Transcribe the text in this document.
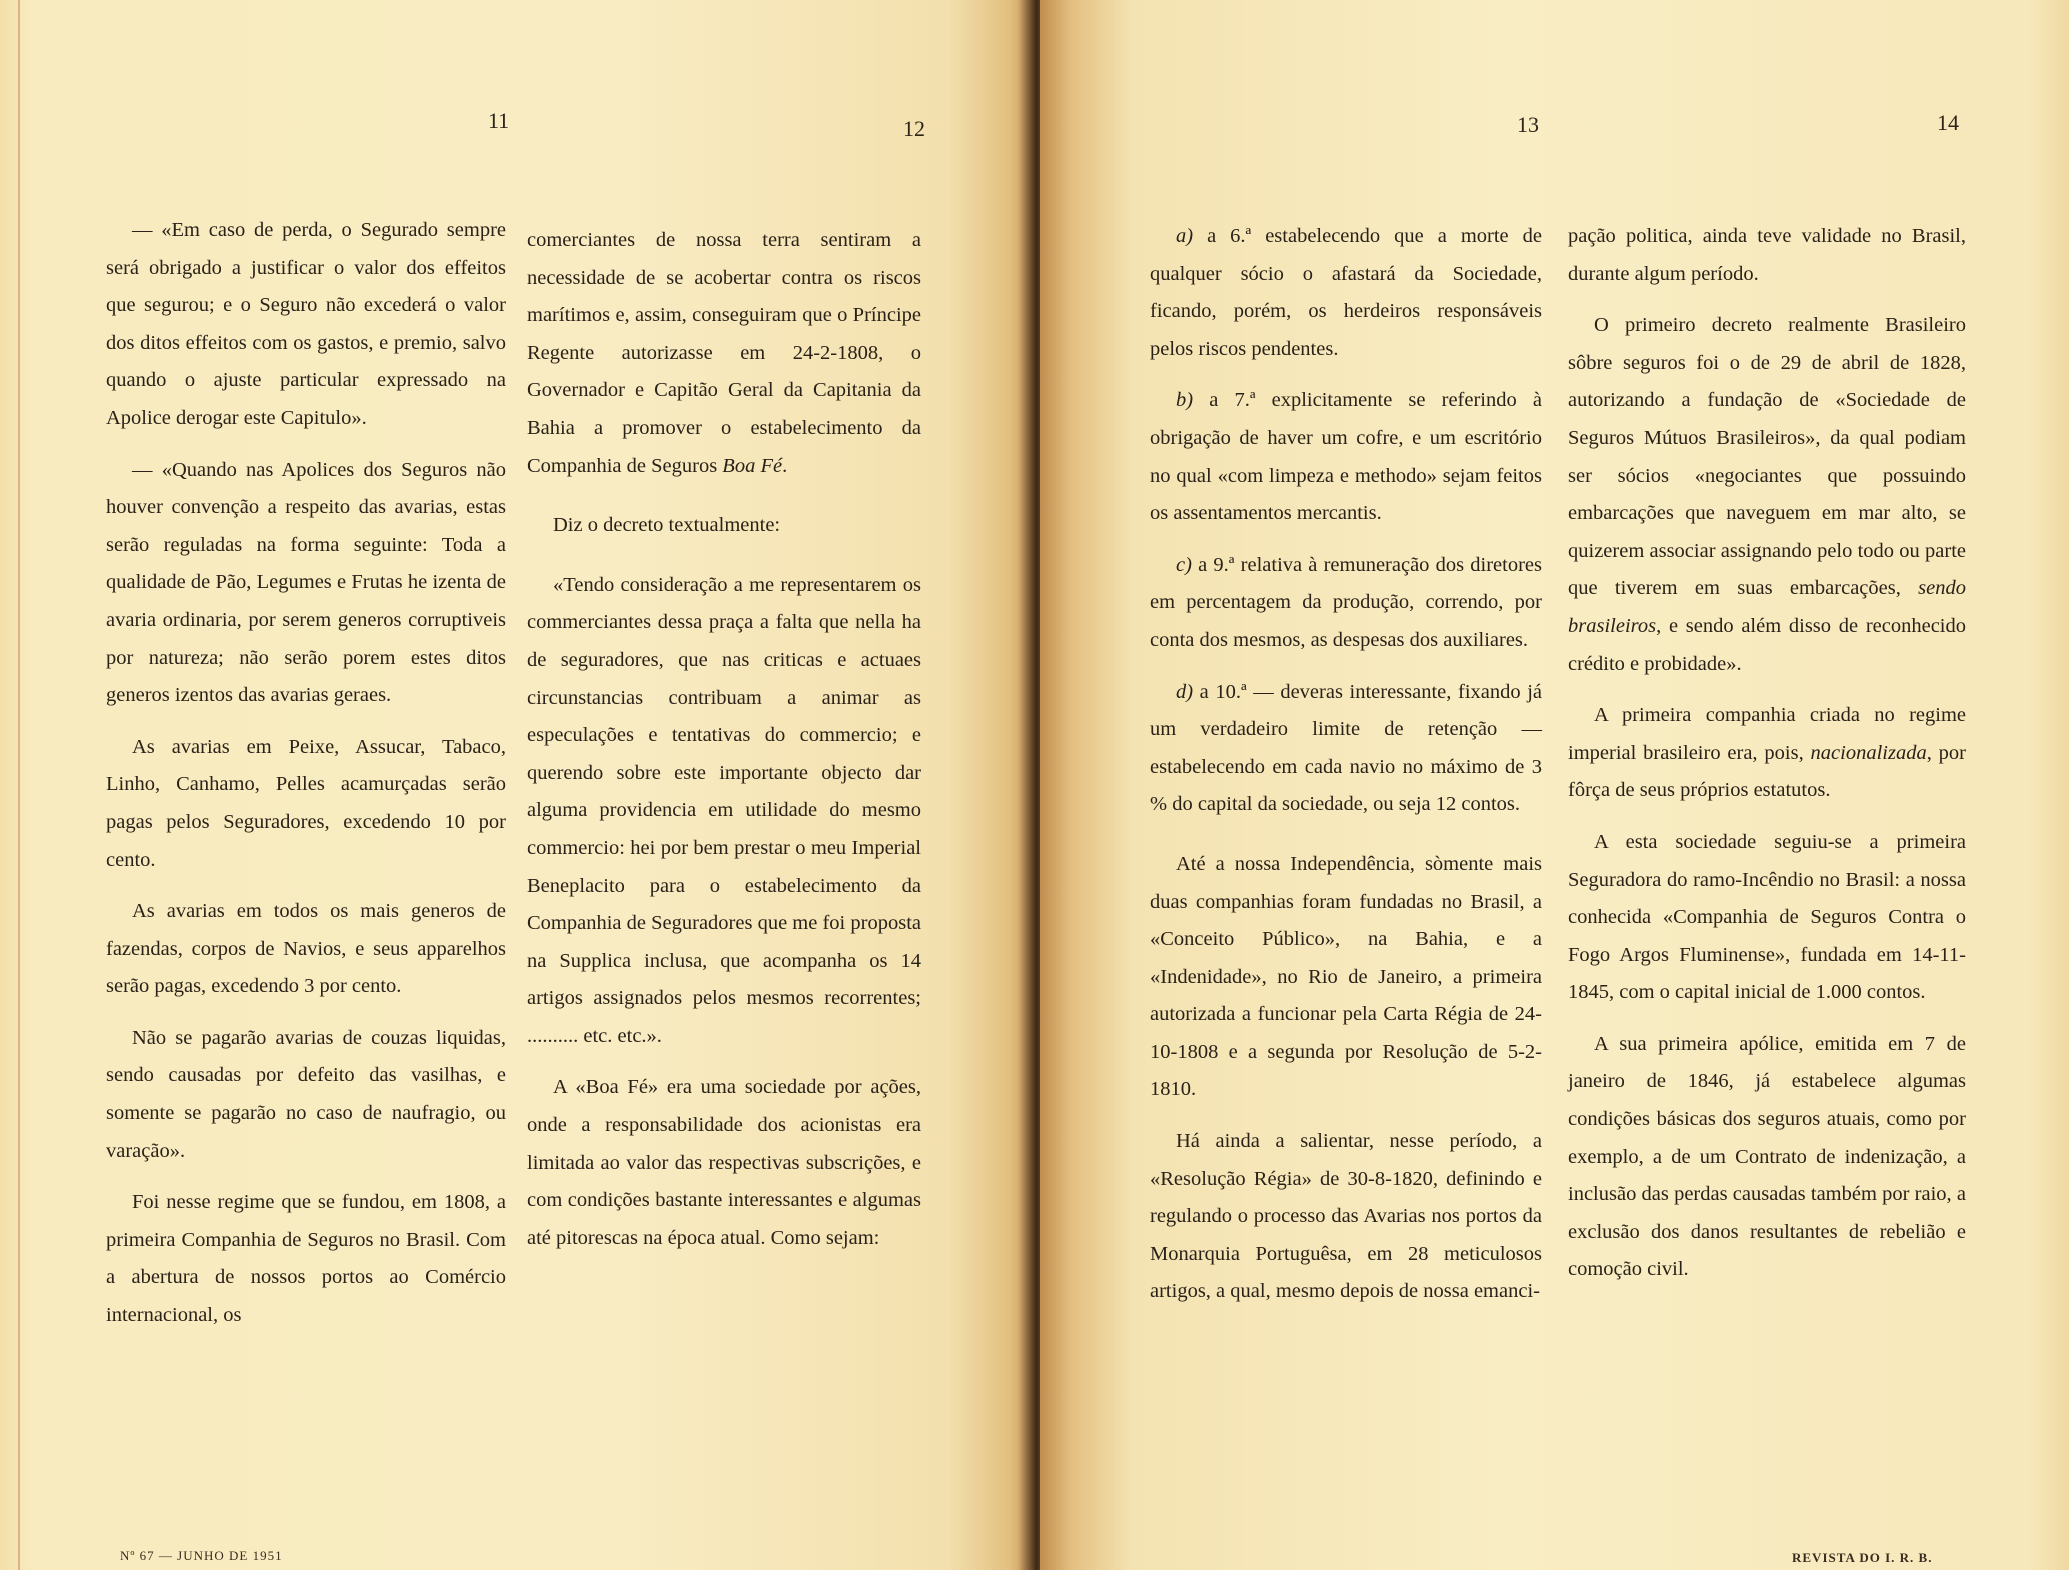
11	12

— «Em caso de perda, o Segurado sempre será obrigado a justificar o valor dos effeitos que segurou; e o Seguro não excederá o valor dos ditos effeitos com os gastos, e premio, salvo quando o ajuste particular expressado na Apolice derogar este Capitulo».

— «Quando nas Apolices dos Seguros não houver convenção a respeito das avarias, estas serão reguladas na forma seguinte: Toda a qualidade de Pão, Legumes e Frutas he izenta de avaria ordinaria, por serem generos corruptiveis por natureza; não serão porem estes ditos generos izentos das avarias geraes.

As avarias em Peixe, Assucar, Tabaco, Linho, Canhamo, Pelles acamurçadas serão pagas pelos Seguradores, excedendo 10 por cento.

As avarias em todos os mais generos de fazendas, corpos de Navios, e seus apparelhos serão pagas, excedendo 3 por cento.

Não se pagarão avarias de couzas liquidas, sendo causadas por defeito das vasilhas, e somente se pagarão no caso de naufragio, ou varação».

Foi nesse regime que se fundou, em 1808, a primeira Companhia de Seguros no Brasil. Com a abertura de nossos portos ao Comércio internacional, os

comerciantes de nossa terra sentiram a necessidade de se acobertar contra os riscos marítimos e, assim, conseguiram que o Príncipe Regente autorizasse em 24-2-1808, o Governador e Capitão Geral da Capitania da Bahia a promover o estabelecimento da Companhia de Seguros Boa Fé.

Diz o decreto textualmente:

«Tendo consideração a me representarem os commerciantes dessa praça a falta que nella ha de seguradores, que nas criticas e actuaes circunstancias contribuam a animar as especulações e tentativas do commercio; e querendo sobre este importante objecto dar alguma providencia em utilidade do mesmo commercio: hei por bem prestar o meu Imperial Beneplacito para o estabelecimento da Companhia de Seguradores que me foi proposta na Supplica inclusa, que acompanha os 14 artigos assignados pelos mesmos recorrentes; .......... etc. etc.».

A «Boa Fé» era uma sociedade por ações, onde a responsabilidade dos acionistas era limitada ao valor das respectivas subscrições, e com condições bastante interessantes e algumas até pitorescas na época atual. Como sejam:

Nº 67 — JUNHO DE 1951
13	14

a) a 6.ª estabelecendo que a morte de qualquer sócio o afastará da Sociedade, ficando, porém, os herdeiros responsáveis pelos riscos pendentes.

b) a 7.ª explicitamente se referindo à obrigação de haver um cofre, e um escritório no qual «com limpeza e methodo» sejam feitos os assentamentos mercantis.

c) a 9.ª relativa à remuneração dos diretores em percentagem da produção, correndo, por conta dos mesmos, as despesas dos auxiliares.

d) a 10.ª — deveras interessante, fixando já um verdadeiro limite de retenção — estabelecendo em cada navio no máximo de 3 % do capital da sociedade, ou seja 12 contos.

Até a nossa Independência, sòmente mais duas companhias foram fundadas no Brasil, a «Conceito Público», na Bahia, e a «Indenidade», no Rio de Janeiro, a primeira autorizada a funcionar pela Carta Régia de 24-10-1808 e a segunda por Resolução de 5-2-1810.

Há ainda a salientar, nesse período, a «Resolução Régia» de 30-8-1820, definindo e regulando o processo das Avarias nos portos da Monarquia Portuguêsa, em 28 meticulosos artigos, a qual, mesmo depois de nossa emanci-

pação politica, ainda teve validade no Brasil, durante algum período.

O primeiro decreto realmente Brasileiro sôbre seguros foi o de 29 de abril de 1828, autorizando a fundação de «Sociedade de Seguros Mútuos Brasileiros», da qual podiam ser sócios «negociantes que possuindo embarcações que naveguem em mar alto, se quizerem associar assignando pelo todo ou parte que tiverem em suas embarcações, sendo brasileiros, e sendo além disso de reconhecido crédito e probidade».

A primeira companhia criada no regime imperial brasileiro era, pois, nacionalizada, por fôrça de seus próprios estatutos.

A esta sociedade seguiu-se a primeira Seguradora do ramo-Incêndio no Brasil: a nossa conhecida «Companhia de Seguros Contra o Fogo Argos Fluminense», fundada em 14-11-1845, com o capital inicial de 1.000 contos.

A sua primeira apólice, emitida em 7 de janeiro de 1846, já estabelece algumas condições básicas dos seguros atuais, como por exemplo, a de um Contrato de indenização, a inclusão das perdas causadas também por raio, a exclusão dos danos resultantes de rebelião e comoção civil.

REVISTA DO I. R. B.
